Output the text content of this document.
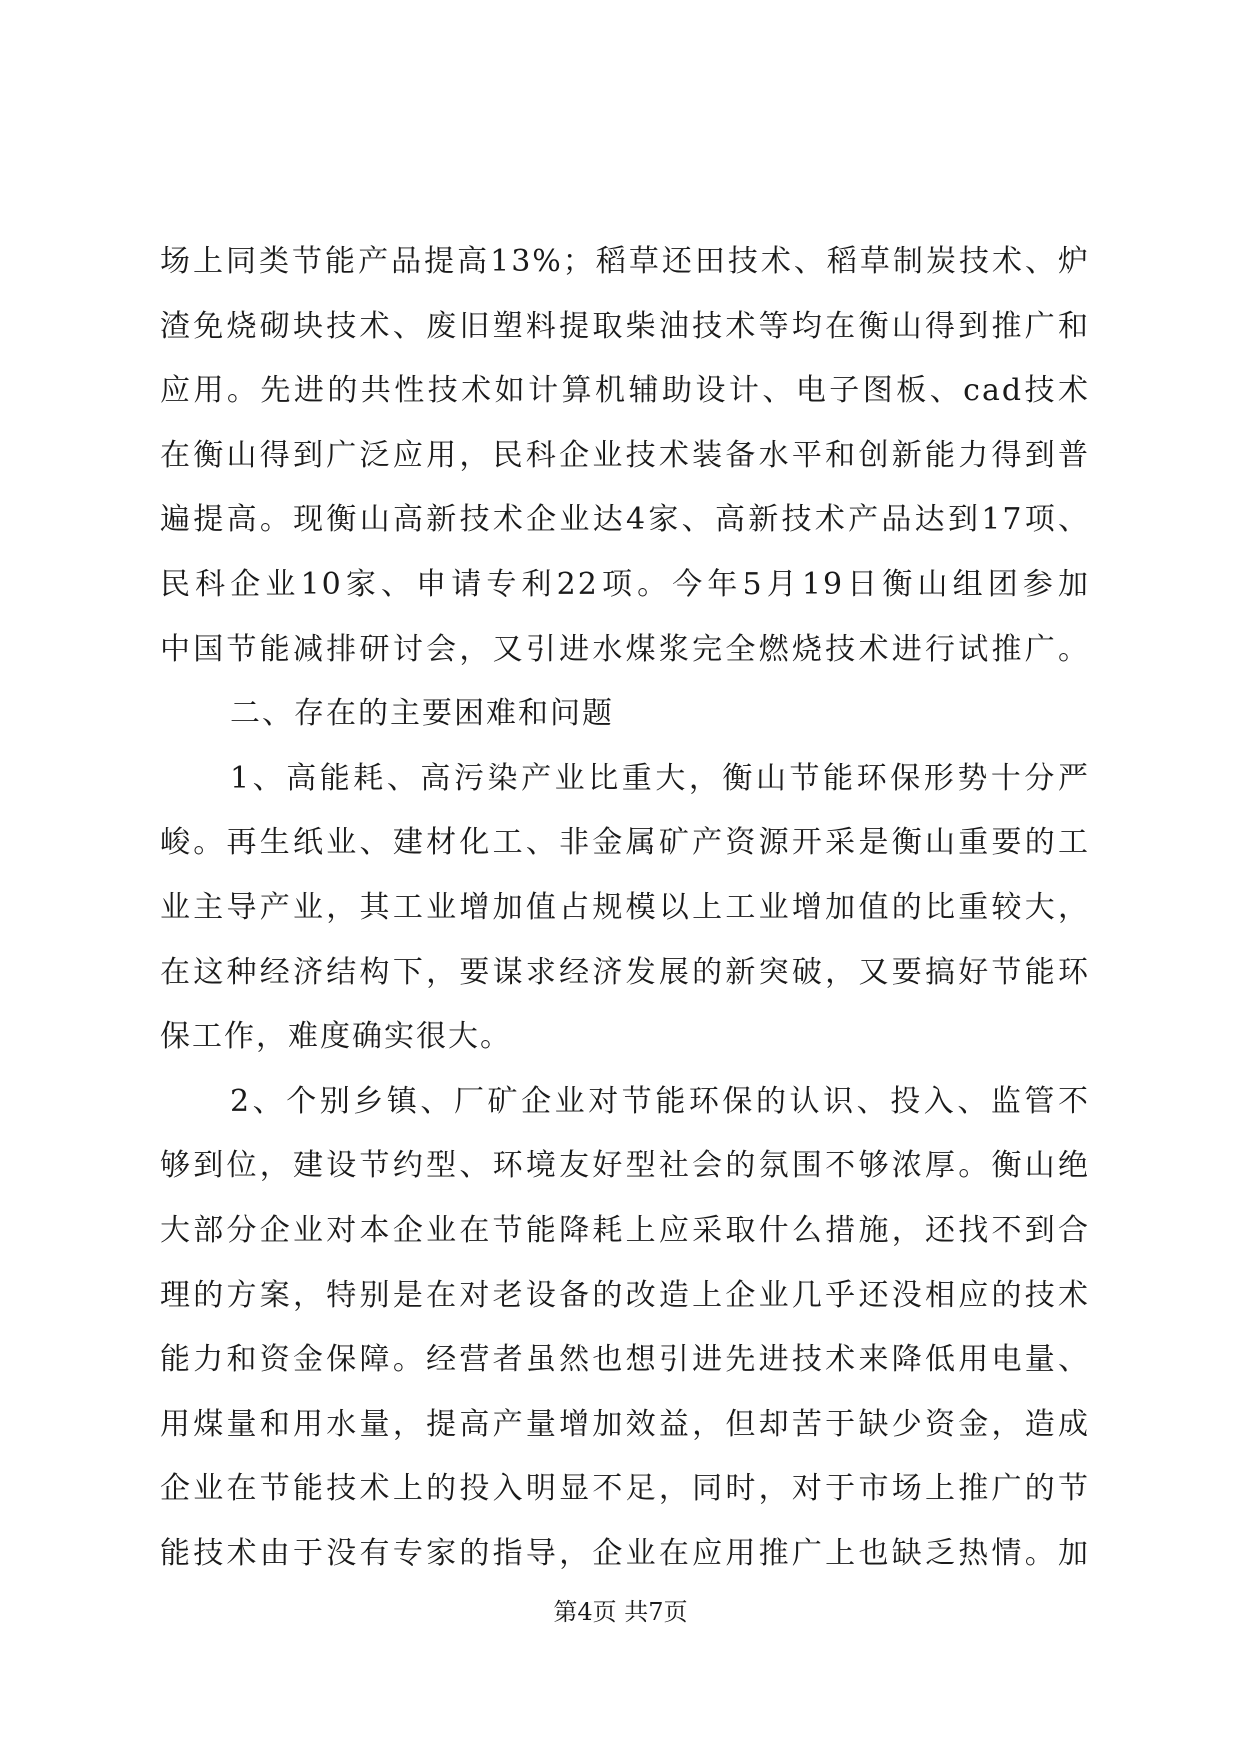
场上同类节能产品提高13%；稻草还田技术、稻草制炭技术、炉
渣免烧砌块技术、废旧塑料提取柴油技术等均在衡山得到推广和
应用。先进的共性技术如计算机辅助设计、电子图板、cad技术
在衡山得到广泛应用，民科企业技术装备水平和创新能力得到普
遍提高。现衡山高新技术企业达4家、高新技术产品达到17项、
民科企业10家、申请专利22项。今年5月19日衡山组团参加
中国节能减排研讨会，又引进水煤浆完全燃烧技术进行试推广。
二、存在的主要困难和问题
1、高能耗、高污染产业比重大，衡山节能环保形势十分严
峻。再生纸业、建材化工、非金属矿产资源开采是衡山重要的工
业主导产业，其工业增加值占规模以上工业增加值的比重较大，
在这种经济结构下，要谋求经济发展的新突破，又要搞好节能环
保工作，难度确实很大。
2、个别乡镇、厂矿企业对节能环保的认识、投入、监管不
够到位，建设节约型、环境友好型社会的氛围不够浓厚。衡山绝
大部分企业对本企业在节能降耗上应采取什么措施，还找不到合
理的方案，特别是在对老设备的改造上企业几乎还没相应的技术
能力和资金保障。经营者虽然也想引进先进技术来降低用电量、
用煤量和用水量，提高产量增加效益，但却苦于缺少资金，造成
企业在节能技术上的投入明显不足，同时，对于市场上推广的节
能技术由于没有专家的指导，企业在应用推广上也缺乏热情。加
第4页 共7页
